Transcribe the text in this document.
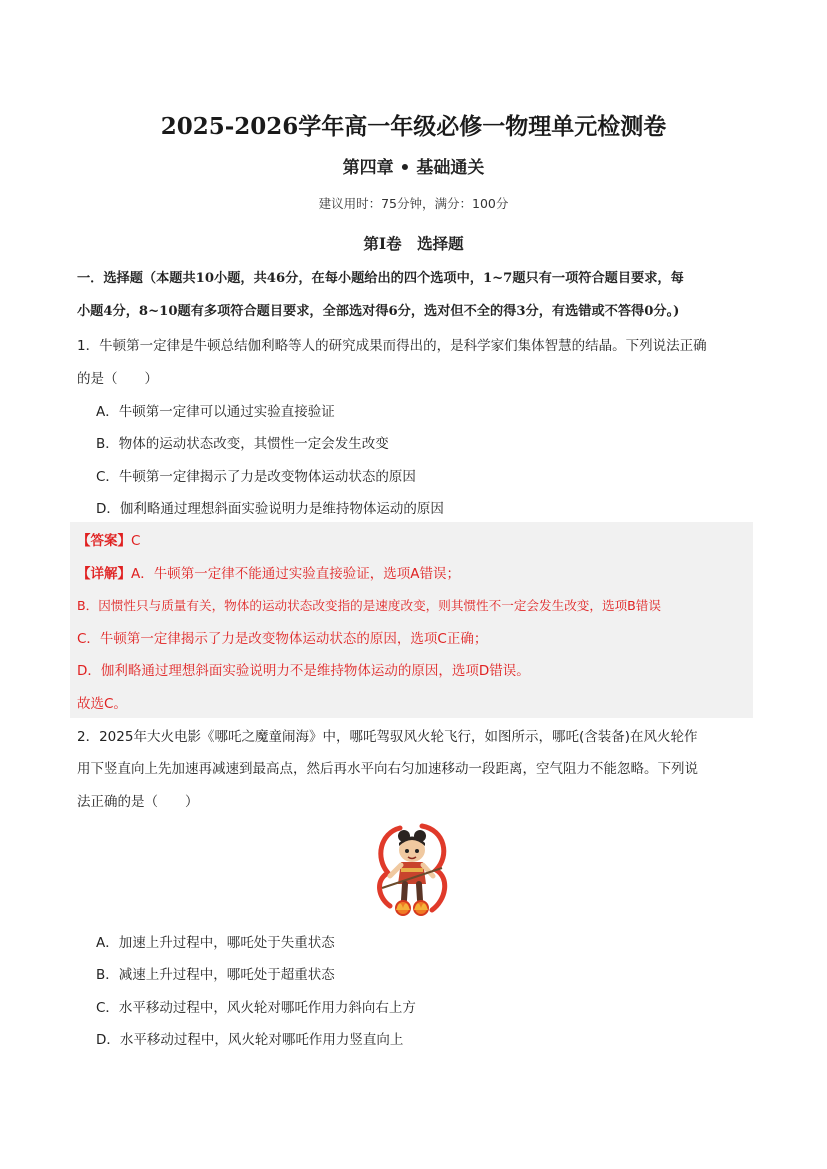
2025-2026学年高一年级必修一物理单元检测卷
第四章 • 基础通关
建议用时：75分钟，满分：100分
第Ⅰ卷　选择题
一．选择题（本题共10小题，共46分，在每小题给出的四个选项中，1~7题只有一项符合题目要求，每
小题4分，8~10题有多项符合题目要求，全部选对得6分，选对但不全的得3分，有选错或不答得0分。)
1．牛顿第一定律是牛顿总结伽利略等人的研究成果而得出的，是科学家们集体智慧的结晶。下列说法正确
的是（　　）
A．牛顿第一定律可以通过实验直接验证
B．物体的运动状态改变，其惯性一定会发生改变
C．牛顿第一定律揭示了力是改变物体运动状态的原因
D．伽利略通过理想斜面实验说明力是维持物体运动的原因
【答案】C
【详解】A．牛顿第一定律不能通过实验直接验证，选项A错误；
B．因惯性只与质量有关，物体的运动状态改变指的是速度改变，则其惯性不一定会发生改变，选项B错误
C．牛顿第一定律揭示了力是改变物体运动状态的原因，选项C正确；
D．伽利略通过理想斜面实验说明力不是维持物体运动的原因，选项D错误。
故选C。
2．2025年大火电影《哪吒之魔童闹海》中，哪吒驾驭风火轮飞行，如图所示，哪吒(含装备)在风火轮作
用下竖直向上先加速再减速到最高点，然后再水平向右匀加速移动一段距离，空气阻力不能忽略。下列说
法正确的是（　　）
A．加速上升过程中，哪吒处于失重状态
B．减速上升过程中，哪吒处于超重状态
C．水平移动过程中，风火轮对哪吒作用力斜向右上方
D．水平移动过程中，风火轮对哪吒作用力竖直向上
